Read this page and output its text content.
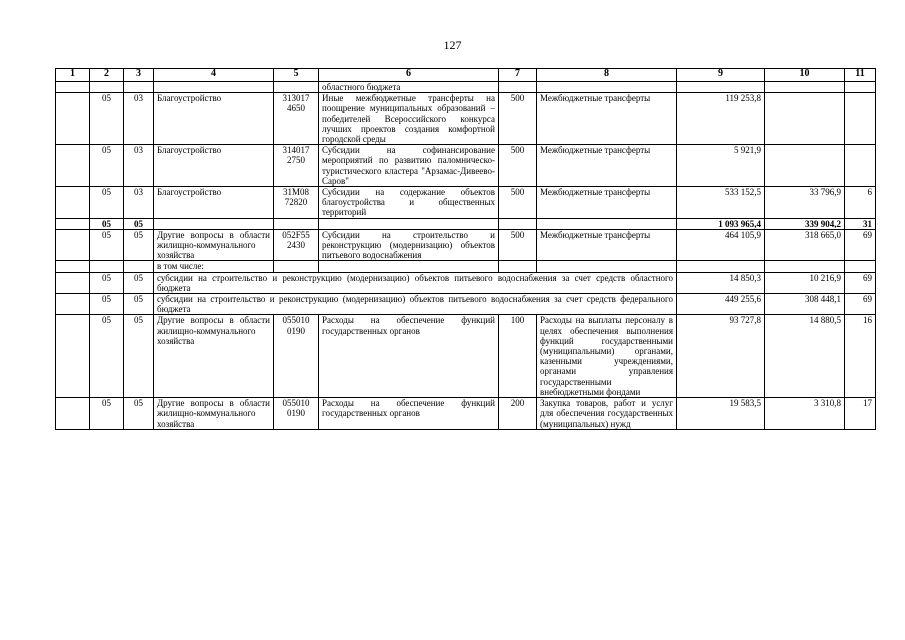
127
1	2	3	4	5	6	7	8	9	10	11
					областного бюджета					
	05	03	Благоустройство	313017 4650	Иные межбюджетные трансферты на поощрение муниципальных образований – победителей Всероссийского конкурса лучших проектов создания комфортной городской среды	500	Межбюджетные трансферты	119 253,8		
	05	03	Благоустройство	314017 2750	Субсидии на софинансирование мероприятий по развитию паломническо-туристического кластера "Арзамас-Дивеево-Саров"	500	Межбюджетные трансферты	5 921,9		
	05	03	Благоустройство	31М08 72820	Субсидии на содержание объектов благоустройства и общественных территорий	500	Межбюджетные трансферты	533 152,5	33 796,9	6
	05	05						1 093 965,4	339 904,2	31
	05	05	Другие вопросы в области жилищно-коммунального хозяйства	052F55 2430	Субсидии на строительство и реконструкцию (модернизацию) объектов питьевого водоснабжения	500	Межбюджетные трансферты	464 105,9	318 665,0	69
			в том числе:							
	05	05	субсидии на строительство и реконструкцию (модернизацию) объектов питьевого водоснабжения за счет средств областного бюджета					14 850,3	10 216,9	69
	05	05	субсидии на строительство и реконструкцию (модернизацию) объектов питьевого водоснабжения за счет средств федерального бюджета					449 255,6	308 448,1	69
	05	05	Другие вопросы в области жилищно-коммунального хозяйства	055010 0190	Расходы на обеспечение функций государственных органов	100	Расходы на выплаты персоналу в целях обеспечения выполнения функций государственными (муниципальными) органами, казенными учреждениями, органами управления государственными внебюджетными фондами	93 727,8	14 880,5	16
	05	05	Другие вопросы в области жилищно-коммунального хозяйства	055010 0190	Расходы на обеспечение функций государственных органов	200	Закупка товаров, работ и услуг для обеспечения государственных (муниципальных) нужд	19 583,5	3 310,8	17
